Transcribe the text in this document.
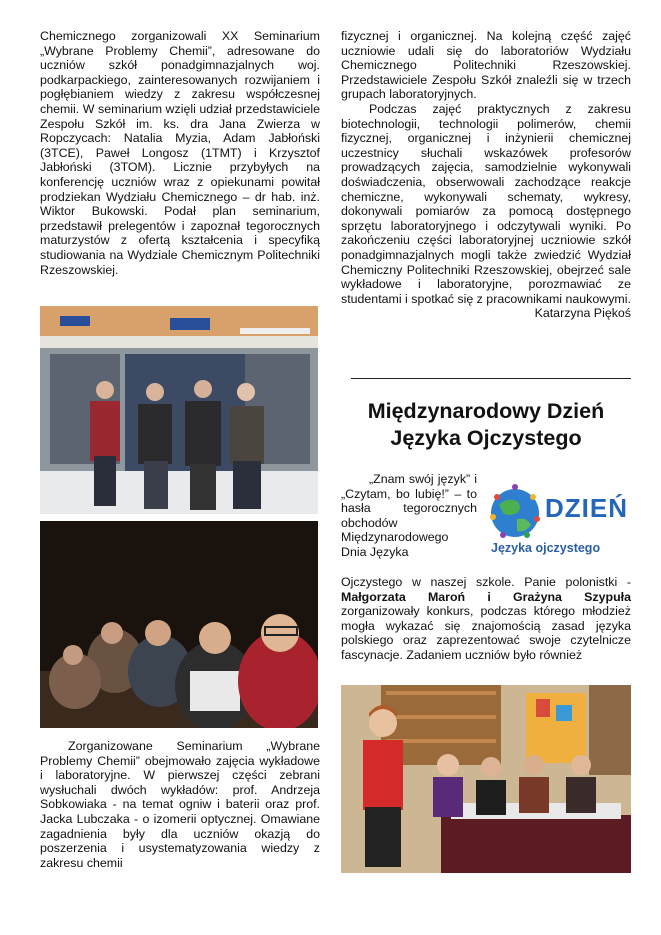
Chemicznego zorganizowali XX Seminarium „Wybrane Problemy Chemii”, adresowane do uczniów szkół ponadgimnazjalnych woj. podkarpackiego, zainteresowanych rozwijaniem i pogłębianiem wiedzy z zakresu współczesnej chemii. W seminarium wzięli udział przedstawiciele Zespołu Szkół im. ks. dra Jana Zwierza w Ropczycach: Natalia Myzia, Adam Jabłoński (3TCE), Paweł Longosz (1TMT) i Krzysztof Jabłoński (3TOM). Licznie przybyłych na konferencję uczniów wraz z opiekunami powitał prodziekan Wydziału Chemicznego – dr hab. inż. Wiktor Bukowski. Podał plan seminarium, przedstawił prelegentów i zapoznał tegorocznych maturzystów z ofertą kształcenia i specyfiką studiowania na Wydziale Chemicznym Politechniki Rzeszowskiej.

Zorganizowane Seminarium „Wybrane Problemy Chemii” obejmowało zajęcia wykładowe i laboratoryjne. W pierwszej części zebrani wysłuchali dwóch wykładów: prof. Andrzeja Sobkowiaka - na temat ogniw i baterii oraz prof. Jacka Lubczaka - o izomerii optycznej. Omawiane zagadnienia były dla uczniów okazją do poszerzenia i usystematyzowania wiedzy z zakresu chemii

fizycznej i organicznej. Na kolejną część zajęć uczniowie udali się do laboratoriów Wydziału Chemicznego Politechniki Rzeszowskiej. Przedstawiciele Zespołu Szkół znaleźli się w trzech grupach laboratoryjnych.

Podczas zajęć praktycznych z zakresu biotechnologii, technologii polimerów, chemii fizycznej, organicznej i inżynierii chemicznej uczestnicy słuchali wskazówek profesorów prowadzących zajęcia, samodzielnie wykonywali doświadczenia, obserwowali zachodzące reakcje chemiczne, wykonywali schematy, wykresy, dokonywali pomiarów za pomocą dostępnego sprzętu laboratoryjnego i odczytywali wyniki. Po zakończeniu części laboratoryjnej uczniowie szkół ponadgimnazjalnych mogli także zwiedzić Wydział Chemiczny Politechniki Rzeszowskiej, obejrzeć sale wykładowe i laboratoryjne, porozmawiać ze studentami i spotkać się z pracownikami naukowymi.

Katarzyna Piękoś

Międzynarodowy Dzień Języka Ojczystego
DZIEŃ
Języka ojczystego

„Znam swój język” i „Czytam, bo lubię!” – to hasła tegorocznych obchodów Międzynarodowego Dnia Języka

Ojczystego w naszej szkole. Panie polonistki - Małgorzata Maroń i Grażyna Szypuła zorganizowały konkurs, podczas którego młodzież mogła wykazać się znajomością zasad języka polskiego oraz zaprezentować swoje czytelnicze fascynacje. Zadaniem uczniów było również
